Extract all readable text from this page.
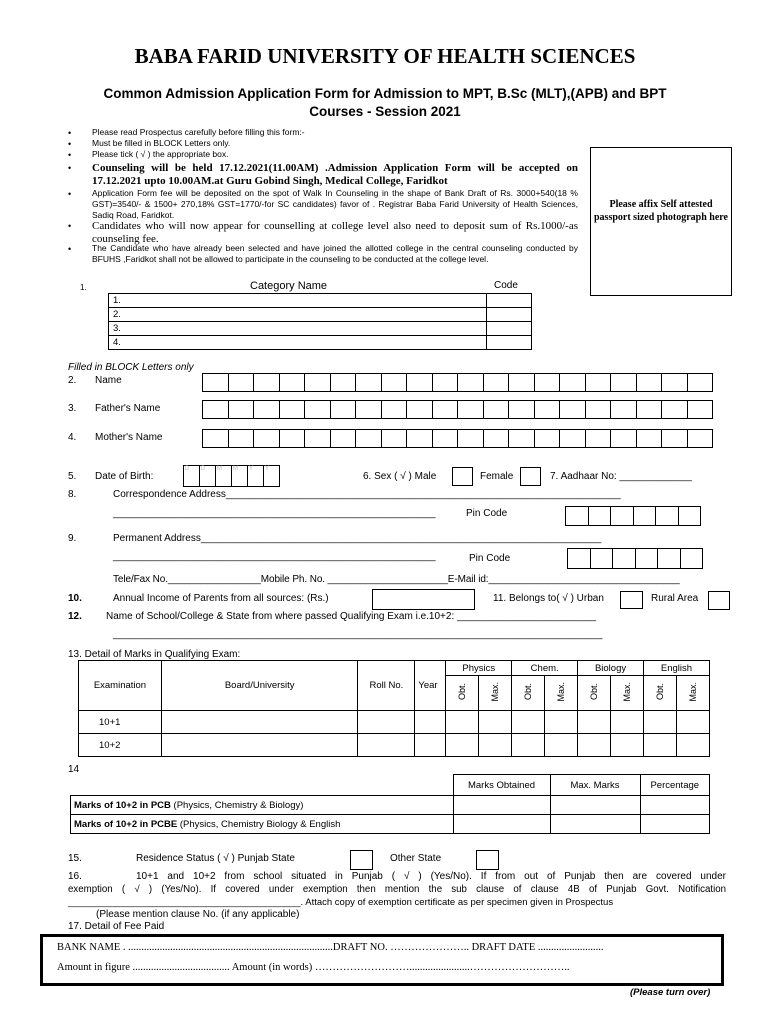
BABA FARID UNIVERSITY OF HEALTH SCIENCES
Common Admission Application Form for Admission to MPT, B.Sc (MLT),(APB) and BPT
Courses - Session 2021
• Please read Prospectus carefully before filling this form:-
• Must be filled in BLOCK Letters only.
• Please tick ( √ ) the appropriate box.
• Counseling will be held 17.12.2021(11.00AM) .Admission Application Form will be accepted on 17.12.2021 upto 10.00AM.at Guru Gobind Singh, Medical College, Faridkot
• Application Form fee will be deposited on the spot of Walk In Counseling in the shape of Bank Draft of Rs. 3000+540(18 % GST)=3540/- & 1500+ 270,18% GST=1770/-for SC candidates) favor of . Registrar Baba Farid University of Health Sciences, Sadiq Road, Faridkot.
• Candidates who will now appear for counselling at college level also need to deposit sum of Rs.1000/-as counseling fee.
• The Candidate who have already been selected and have joined the allotted college in the central counseling conducted by BFUHS ,Faridkot shall not be allowed to participate in the counseling to be conducted at the college level.
Please affix Self attested passport sized photograph here
1.	Category Name	Code
1.	
2.	
3.	
4.	
Filled in BLOCK Letters only
2. Name
3. Father's Name
4. Mother's Name
5. Date of Birth:
D	D	M	M	Y	Y
6. Sex ( √ ) Male	Female	7. Aadhaar No: _____________
8.	Correspondence Address_______________________________________________________________________
__________________________________________________________	Pin Code
9.	Permanent Address________________________________________________________________________
__________________________________________________________	Pin Code
Tele/Fax No._________________Mobile Ph. No. ______________________E-Mail id:___________________________________
10.	Annual Income of Parents from all sources: (Rs.)	11. Belongs to( √ ) Urban	Rural Area
12. Name of School/College & State from where passed Qualifying Exam i.e.10+2: _________________________
________________________________________________________________________________________
13. Detail of Marks in Qualifying Exam:
Examination	Board/University	Roll No.	Year	Physics		Chem.		Biology		English	
				Obt.	Max.	Obt.	Max.	Obt.	Max.	Obt.	Max.
10+1											
10+2											
14
	Marks Obtained	Max. Marks	Percentage
Marks of 10+2 in PCB (Physics, Chemistry & Biology)			
Marks of 10+2 in PCBE (Physics, Chemistry Biology & English			
15.	Residence Status ( √ ) Punjab State	Other State
16.	10+1 and 10+2 from school situated in Punjab ( √ ) (Yes/No). If from out of Punjab then are covered under
exemption ( √ ) (Yes/No). If covered under exemption then mention the sub clause of clause 4B of Punjab Govt. Notification
____________________________________________. Attach copy of exemption certificate as per specimen given in Prospectus
(Please mention clause No. (if any applicable)
17. Detail of Fee Paid
BANK NAME . ..............................................................................DRAFT NO. ………………….. DRAFT DATE .........................
Amount in figure ..................................... Amount (in words) ……………………….......................………………………..
(Please turn over)
